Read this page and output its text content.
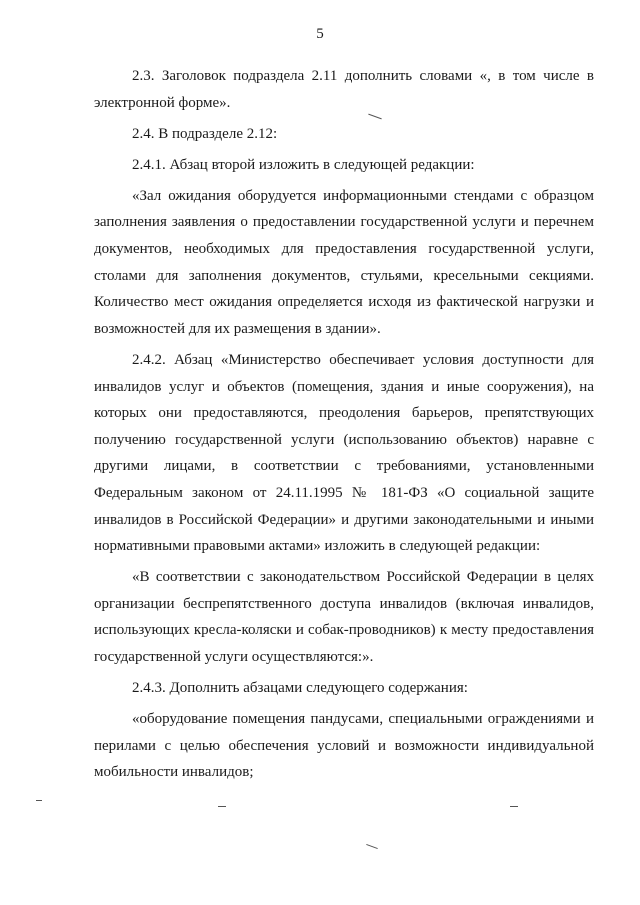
5

2.3. Заголовок подраздела 2.11 дополнить словами «, в том числе в электронной форме».

2.4. В подразделе 2.12:

2.4.1. Абзац второй изложить в следующей редакции:

«Зал ожидания оборудуется информационными стендами с образцом заполнения заявления о предоставлении государственной услуги и перечнем документов, необходимых для предоставления государственной услуги, столами для заполнения документов, стульями, кресельными секциями. Количество мест ожидания определяется исходя из фактической нагрузки и возможностей для их размещения в здании».

2.4.2. Абзац «Министерство обеспечивает условия доступности для инвалидов услуг и объектов (помещения, здания и иные сооружения), на которых они предоставляются, преодоления барьеров, препятствующих получению государственной услуги (использованию объектов) наравне с другими лицами, в соответствии с требованиями, установленными Федеральным законом от 24.11.1995 № 181-ФЗ «О социальной защите инвалидов в Российской Федерации» и другими законодательными и иными нормативными правовыми актами» изложить в следующей редакции:

«В соответствии с законодательством Российской Федерации в целях организации беспрепятственного доступа инвалидов (включая инвалидов, использующих кресла-коляски и собак-проводников) к месту предоставления государственной услуги осуществляются:».

2.4.3. Дополнить абзацами следующего содержания:

«оборудование помещения пандусами, специальными ограждениями и перилами с целью обеспечения условий и возможности индивидуальной мобильности инвалидов;
